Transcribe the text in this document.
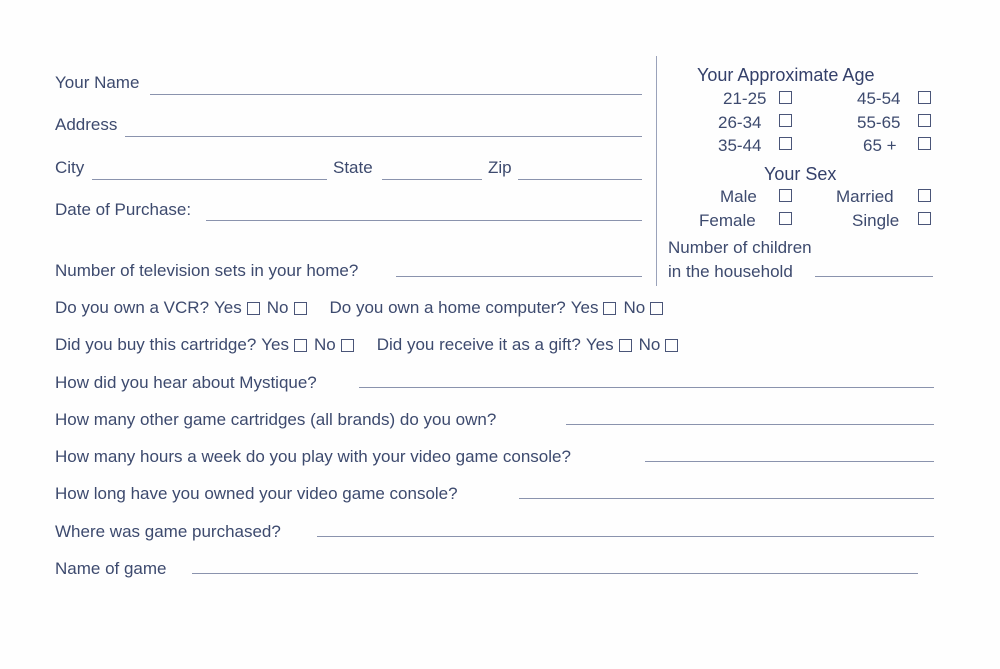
Your Name
Address
City	State	Zip
Date of Purchase:
Number of television sets in your home?
Your Approximate Age
21-25
26-34
35-44
45-54
55-65
65 +
Your Sex
Male
Female
Married
Single
Number of children
in the household
Do you own a VCR? Yes No Do you own a home computer? Yes No
Did you buy this cartridge? Yes No Did you receive it as a gift? Yes No
How did you hear about Mystique?
How many other game cartridges (all brands) do you own?
How many hours a week do you play with your video game console?
How long have you owned your video game console?
Where was game purchased?
Name of game
